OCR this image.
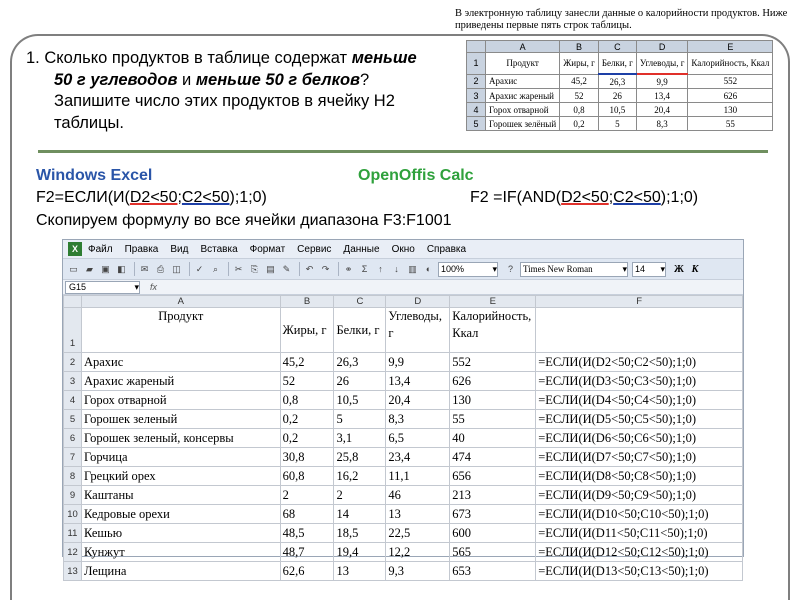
1. Сколько продуктов в таблице содержат меньше
50 г углеводов и меньше 50 г белков?
Запишите число этих продуктов в ячейку H2
таблицы.
В электронную таблицу занесли данные о калорийности продуктов. Ниже приведены первые пять строк таблицы.
	A	B	C	D	E
1	Продукт	Жиры, г	Белки, г	Углеводы, г	Калорийность, Ккал
2	Арахис	45,2	26,3	9,9	552
3	Арахис жареный	52	26	13,4	626
4	Горох отварной	0,8	10,5	20,4	130
5	Горошек зелёный	0,2	5	8,3	55
Windows Excel	OpenOffis Calc
F2=ЕСЛИ(И(D2<50;C2<50);1;0)	F2 =IF(AND(D2<50;C2<50);1;0)
Скопируем формулу во все ячейки диапазона F3:F1001
X	Файл Правка Вид Вставка Формат Сервис Данные Окно Справка
▭ ▰ ▣ ◧	✉ ⎙ ◫	✓	⌕	✂ ⎘ ▤ ✎	↶ ↷	⚭	Σ	↑	↓	▥	◐	100%	▾	?	Times New Roman	▾ 14 ▾ Ж К
G15	▾ fx
	A	B	C	D	E	F
1	Продукт	Жиры, г	Белки, г	Углеводы, г	Калорийность, Ккал	
2	Арахис	45,2	26,3	9,9	552	=ЕСЛИ(И(D2<50;C2<50);1;0)
3	Арахис жареный	52	26	13,4	626	=ЕСЛИ(И(D3<50;C3<50);1;0)
4	Горох отварной	0,8	10,5	20,4	130	=ЕСЛИ(И(D4<50;C4<50);1;0)
5	Горошек зеленый	0,2	5	8,3	55	=ЕСЛИ(И(D5<50;C5<50);1;0)
6	Горошек зеленый, консервы	0,2	3,1	6,5	40	=ЕСЛИ(И(D6<50;C6<50);1;0)
7	Горчица	30,8	25,8	23,4	474	=ЕСЛИ(И(D7<50;C7<50);1;0)
8	Грецкий орех	60,8	16,2	11,1	656	=ЕСЛИ(И(D8<50;C8<50);1;0)
9	Каштаны	2	2	46	213	=ЕСЛИ(И(D9<50;C9<50);1;0)
10	Кедровые орехи	68	14	13	673	=ЕСЛИ(И(D10<50;C10<50);1;0)
11	Кешью	48,5	18,5	22,5	600	=ЕСЛИ(И(D11<50;C11<50);1;0)
12	Кунжут	48,7	19,4	12,2	565	=ЕСЛИ(И(D12<50;C12<50);1;0)
13	Лещина	62,6	13	9,3	653	=ЕСЛИ(И(D13<50;C13<50);1;0)
